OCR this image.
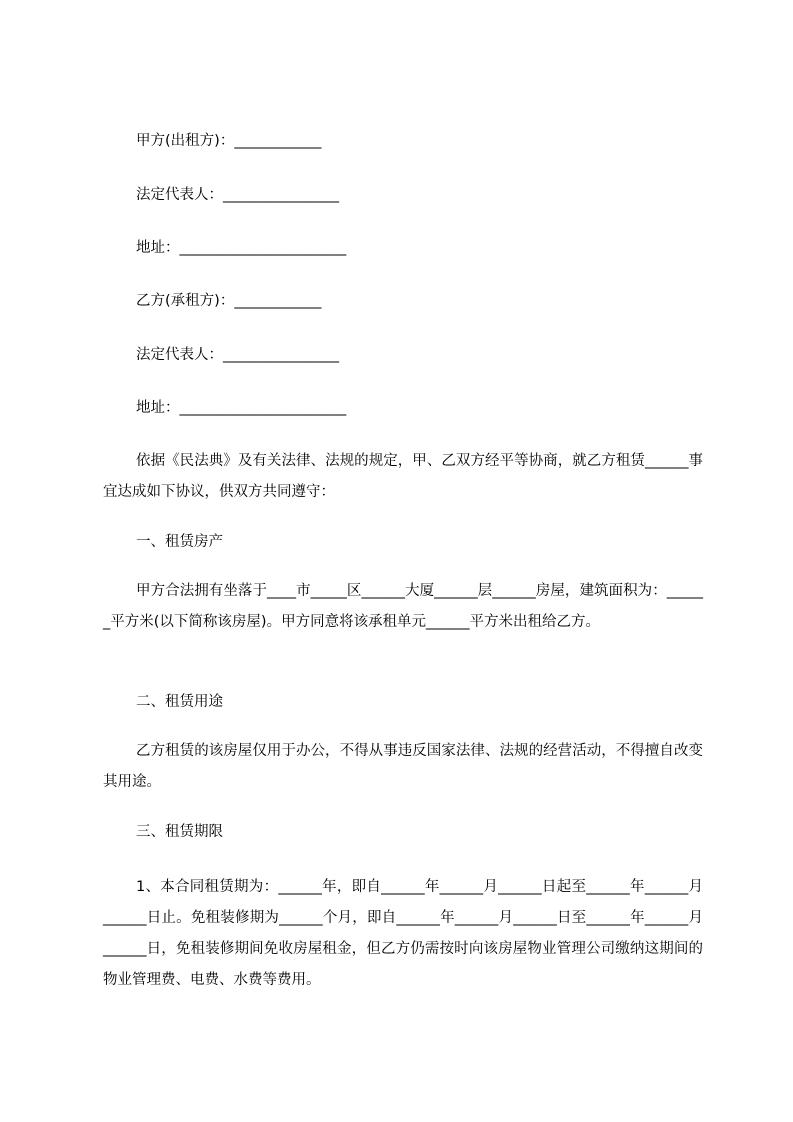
甲方(出租方)：____________
法定代表人：________________
地址：_______________________
乙方(承租方)：____________
法定代表人：________________
地址：_______________________
依据《民法典》及有关法律、法规的规定，甲、乙双方经平等协商，就乙方租赁______事宜达成如下协议，供双方共同遵守：
一、租赁房产
甲方合法拥有坐落于____市_____区______大厦______层______房屋，建筑面积为：______平方米(以下简称该房屋)。甲方同意将该承租单元______平方米出租给乙方。
二、租赁用途
乙方租赁的该房屋仅用于办公，不得从事违反国家法律、法规的经营活动，不得擅自改变其用途。
三、租赁期限
1、本合同租赁期为：______年，即自______年______月______日起至______年______月______日止。免租装修期为______个月，即自______年______月______日至______年______月______日，免租装修期间免收房屋租金，但乙方仍需按时向该房屋物业管理公司缴纳这期间的物业管理费、电费、水费等费用。
